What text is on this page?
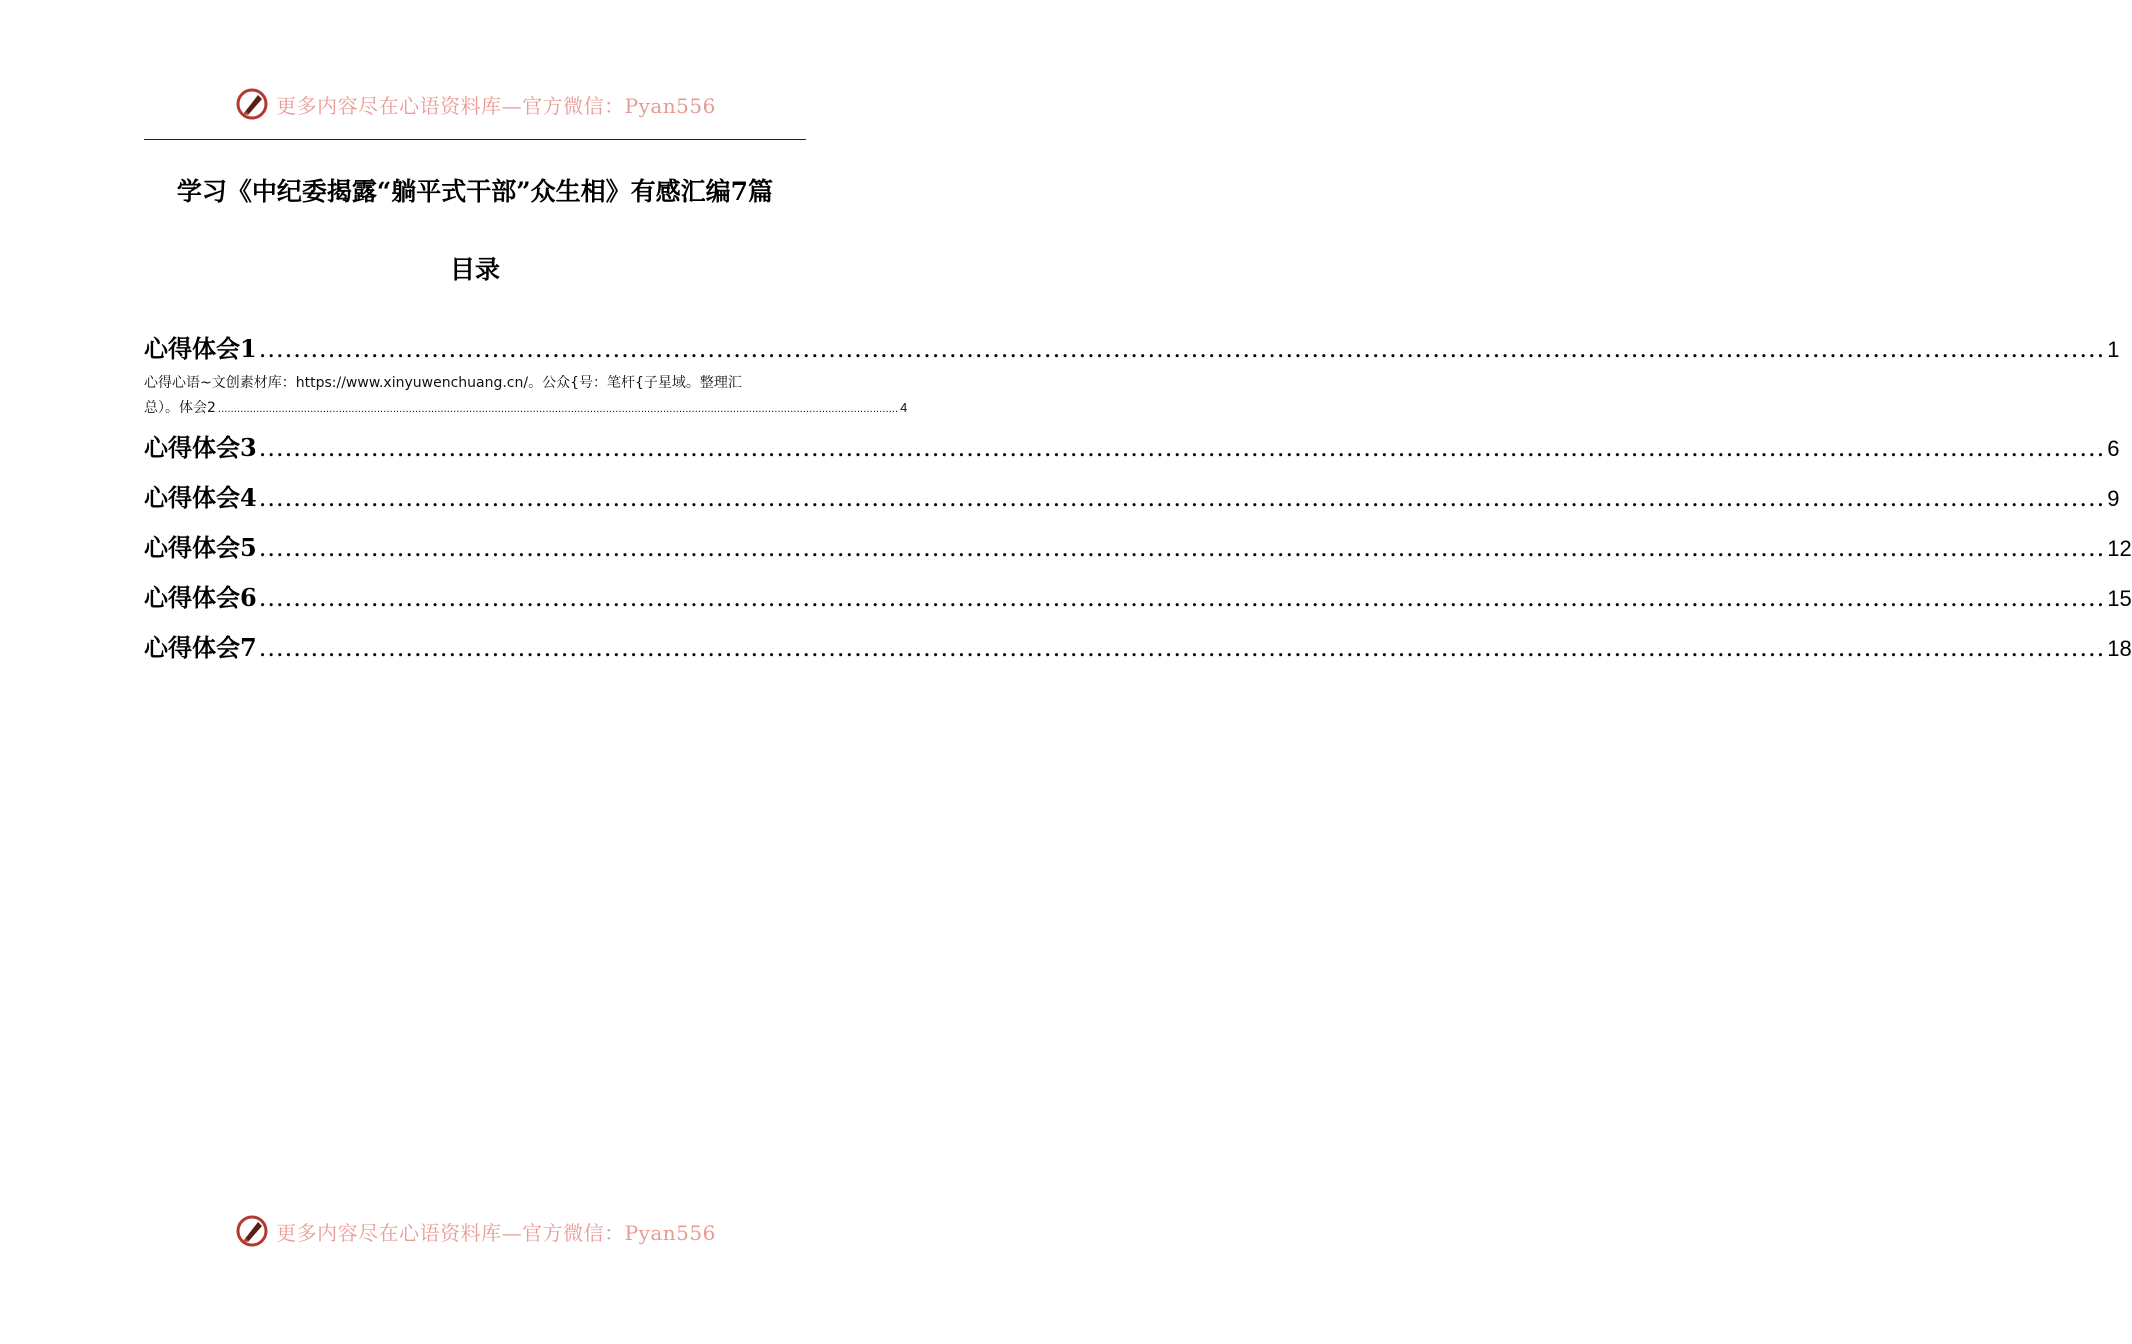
更多内容尽在心语资料库—官方微信：Pyan556
学习《中纪委揭露“躺平式干部”众生相》有感汇编7篇
目录
心得体会1 ...................................................................................................................................................................................................................... 1
心得心语~文创素材库：https://www.xinyuwenchuang.cn/。公众{号：笔杆{子星域。整理汇
总）。体会2 ...................................................................................................................................................................................................................... 4
心得体会3 ...................................................................................................................................................................................................................... 6
心得体会4 ...................................................................................................................................................................................................................... 9
心得体会5 ...................................................................................................................................................................................................................... 12
心得体会6 ...................................................................................................................................................................................................................... 15
心得体会7 ...................................................................................................................................................................................................................... 18
更多内容尽在心语资料库—官方微信：Pyan556
